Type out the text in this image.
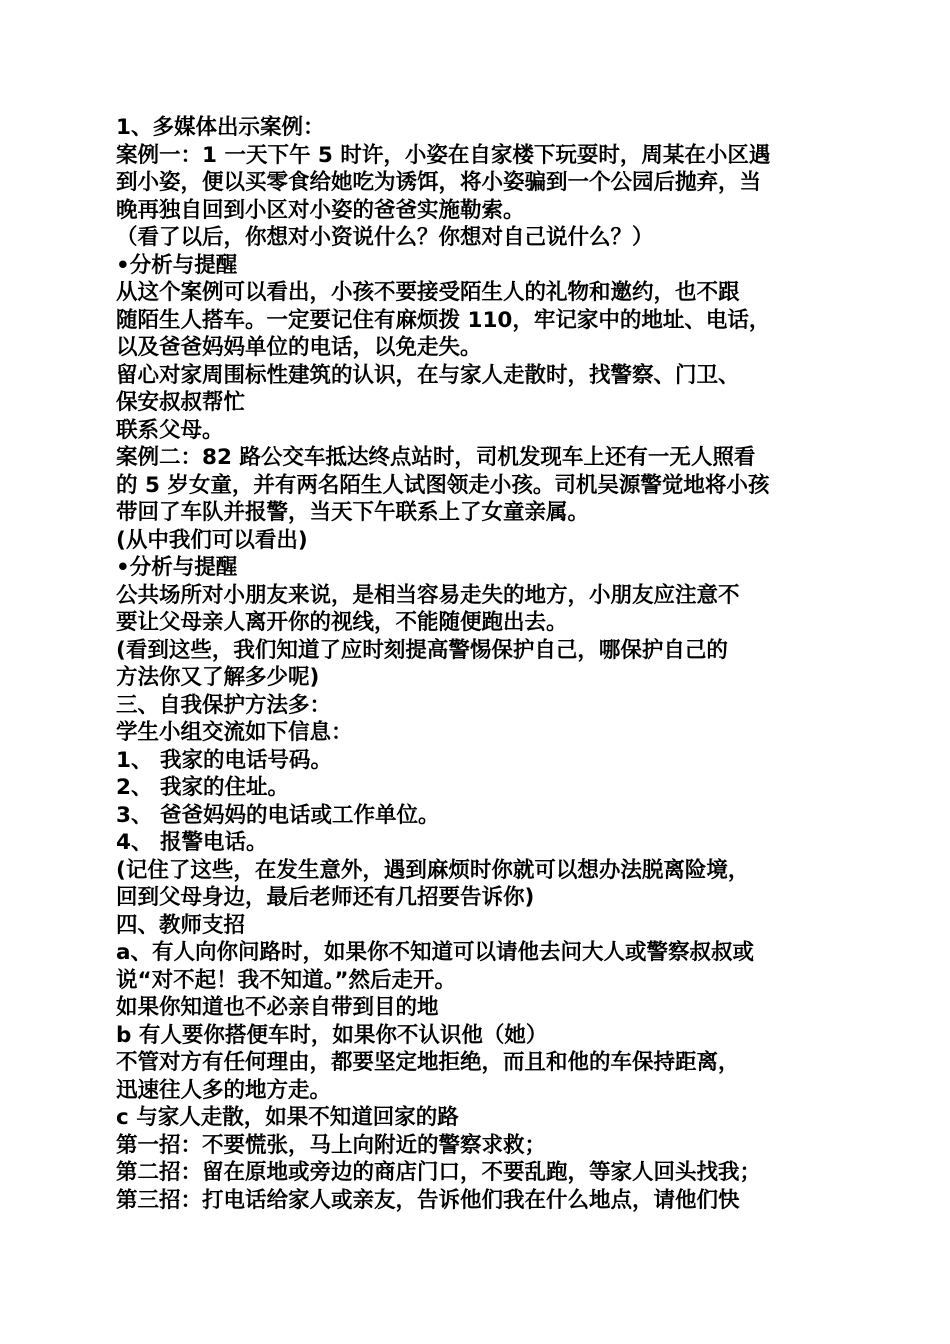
1、多媒体出示案例：
案例一：1 一天下午 5 时许，小姿在自家楼下玩耍时，周某在小区遇
到小姿，便以买零食给她吃为诱饵，将小姿骗到一个公园后抛弃，当
晚再独自回到小区对小姿的爸爸实施勒索。
（看了以后，你想对小资说什么？你想对自己说什么？）
•分析与提醒
从这个案例可以看出，小孩不要接受陌生人的礼物和邀约，也不跟
随陌生人搭车。一定要记住有麻烦拨 110，牢记家中的地址、电话，
以及爸爸妈妈单位的电话，以免走失。
留心对家周围标性建筑的认识，在与家人走散时，找警察、门卫、
保安叔叔帮忙
联系父母。
案例二：82 路公交车抵达终点站时，司机发现车上还有一无人照看
的 5 岁女童，并有两名陌生人试图领走小孩。司机吴源警觉地将小孩
带回了车队并报警，当天下午联系上了女童亲属。
(从中我们可以看出)
•分析与提醒
公共场所对小朋友来说，是相当容易走失的地方，小朋友应注意不
要让父母亲人离开你的视线，不能随便跑出去。
(看到这些，我们知道了应时刻提高警惕保护自己，哪保护自己的
方法你又了解多少呢)
三、自我保护方法多：
学生小组交流如下信息：
1、 我家的电话号码。
2、 我家的住址。
3、 爸爸妈妈的电话或工作单位。
4、 报警电话。
(记住了这些，在发生意外，遇到麻烦时你就可以想办法脱离险境，
回到父母身边，最后老师还有几招要告诉你)
四、教师支招
a、有人向你问路时，如果你不知道可以请他去问大人或警察叔叔或
说“对不起！我不知道。”然后走开。
如果你知道也不必亲自带到目的地
b 有人要你搭便车时，如果你不认识他（她）
不管对方有任何理由，都要坚定地拒绝，而且和他的车保持距离，
迅速往人多的地方走。
c 与家人走散，如果不知道回家的路
第一招：不要慌张，马上向附近的警察求救；
第二招：留在原地或旁边的商店门口，不要乱跑，等家人回头找我；
第三招：打电话给家人或亲友，告诉他们我在什么地点，请他们快
